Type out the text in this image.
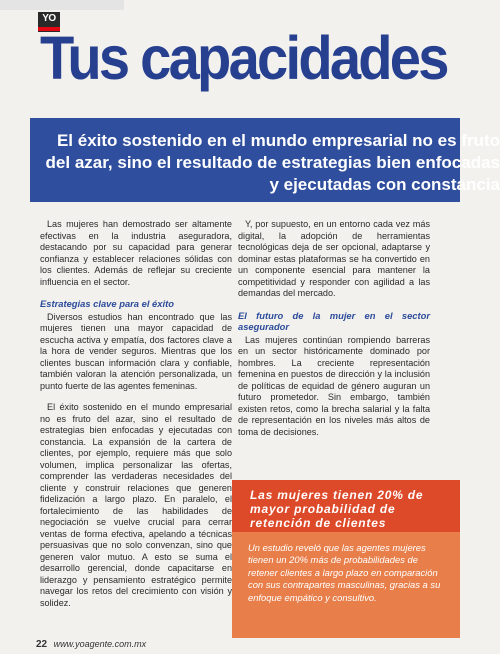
YO
Tus capacidades

El éxito sostenido en el mundo empresarial no es fruto del azar, sino el resultado de estrategias bien enfocadas y ejecutadas con constancia

Las mujeres han demostrado ser altamente efectivas en la industria aseguradora, destacando por su capacidad para generar confianza y establecer relaciones sólidas con los clientes. Además de reflejar su creciente influencia en el sector.

Estrategias clave para el éxito

Diversos estudios han encontrado que las mujeres tienen una mayor capacidad de escucha activa y empatía, dos factores clave a la hora de vender seguros. Mientras que los clientes buscan información clara y confiable, también valoran la atención personalizada, un punto fuerte de las agentes femeninas.

El éxito sostenido en el mundo empresarial no es fruto del azar, sino el resultado de estrategias bien enfocadas y ejecutadas con constancia. La expansión de la cartera de clientes, por ejemplo, requiere más que solo volumen, implica personalizar las ofertas, comprender las verdaderas necesidades del cliente y construir relaciones que generen fidelización a largo plazo. En paralelo, el fortalecimiento de las habilidades de negociación se vuelve crucial para cerrar ventas de forma efectiva, apelando a técnicas persuasivas que no solo convenzan, sino que generen valor mutuo. A esto se suma el desarrollo gerencial, donde capacitarse en liderazgo y pensamiento estratégico permite navegar los retos del crecimiento con visión y solidez.

Y, por supuesto, en un entorno cada vez más digital, la adopción de herramientas tecnológicas deja de ser opcional, adaptarse y dominar estas plataformas se ha convertido en un componente esencial para mantener la competitividad y responder con agilidad a las demandas del mercado.

El futuro de la mujer en el sector asegurador

Las mujeres continúan rompiendo barreras en un sector históricamente dominado por hombres. La creciente representación femenina en puestos de dirección y la inclusión de políticas de equidad de género auguran un futuro prometedor. Sin embargo, también existen retos, como la brecha salarial y la falta de representación en los niveles más altos de toma de decisiones.

Las mujeres tienen 20% de mayor probabilidad de retención de clientes

Un estudio reveló que las agentes mujeres tienen un 20% más de probabilidades de retener clientes a largo plazo en comparación con sus contrapartes masculinas, gracias a su enfoque empático y consultivo.

22 www.yoagente.com.mx
